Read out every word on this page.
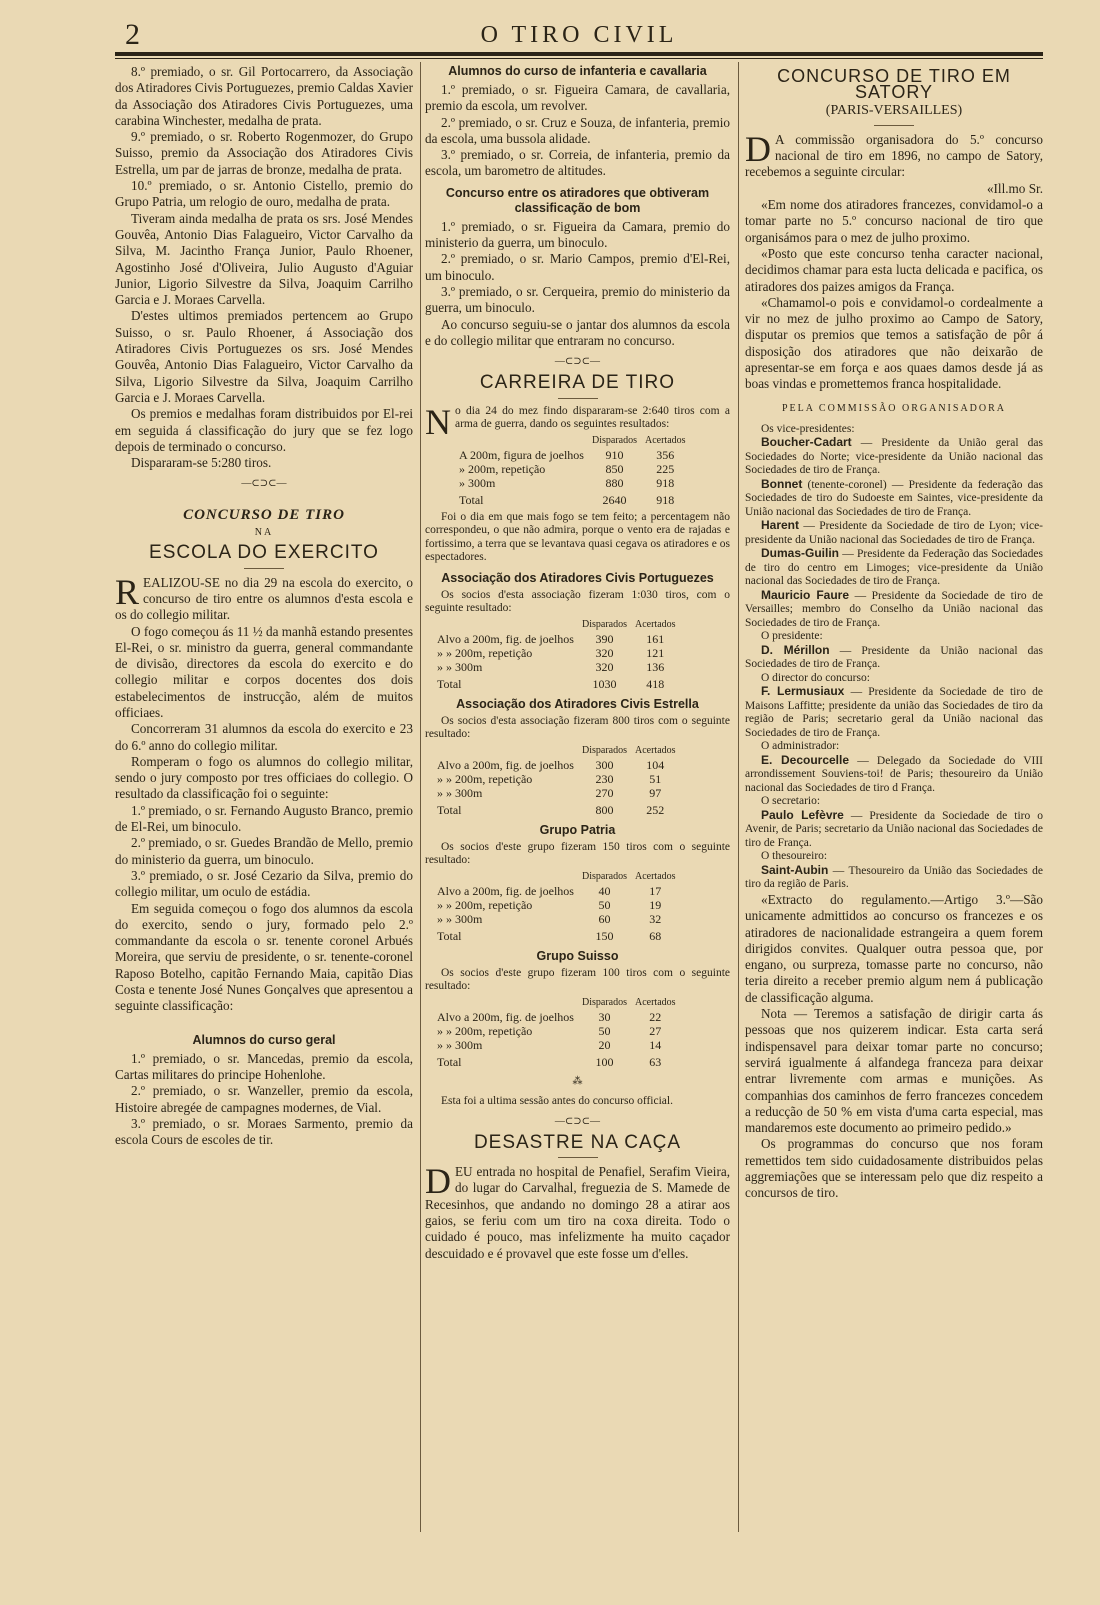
2	O TIRO CIVIL

8.º premiado, o sr. Gil Portocarrero, da Associação dos Atiradores Civis Portuguezes, premio Caldas Xavier da Associação dos Atiradores Civis Portuguezes, uma carabina Winchester, medalha de prata.

9.º premiado, o sr. Roberto Rogenmozer, do Grupo Suisso, premio da Associação dos Atiradores Civis Estrella, um par de jarras de bronze, medalha de prata.

10.º premiado, o sr. Antonio Cistello, premio do Grupo Patria, um relogio de ouro, medalha de prata.

Tiveram ainda medalha de prata os srs. José Mendes Gouvêa, Antonio Dias Falagueiro, Victor Carvalho da Silva, M. Jacintho França Junior, Paulo Rhoener, Agostinho José d'Oliveira, Julio Augusto d'Aguiar Junior, Ligorio Silvestre da Silva, Joaquim Carrilho Garcia e J. Moraes Carvella.

D'estes ultimos premiados pertencem ao Grupo Suisso, o sr. Paulo Rhoener, á Associação dos Atiradores Civis Portuguezes os srs. José Mendes Gouvêa, Antonio Dias Falagueiro, Victor Carvalho da Silva, Ligorio Silvestre da Silva, Joaquim Carrilho Garcia e J. Moraes Carvella.

Os premios e medalhas foram distribuidos por El-rei em seguida á classificação do jury que se fez logo depois de terminado o concurso.

Dispararam-se 5:280 tiros.

—⊂⊃⊂—
CONCURSO DE TIRO
NA
ESCOLA DO EXERCITO

REALIZOU-SE no dia 29 na escola do exercito, o concurso de tiro entre os alumnos d'esta escola e os do collegio militar.

O fogo começou ás 11 ½ da manhã estando presentes El-Rei, o sr. ministro da guerra, general commandante de divisão, directores da escola do exercito e do collegio militar e corpos docentes dos dois estabelecimentos de instrucção, além de muitos officiaes.

Concorreram 31 alumnos da escola do exercito e 23 do 6.º anno do collegio militar.

Romperam o fogo os alumnos do collegio militar, sendo o jury composto por tres officiaes do collegio. O resultado da classificação foi o seguinte:

1.º premiado, o sr. Fernando Augusto Branco, premio de El-Rei, um binoculo.

2.º premiado, o sr. Guedes Brandão de Mello, premio do ministerio da guerra, um binoculo.

3.º premiado, o sr. José Cezario da Silva, premio do collegio militar, um oculo de estádia.

Em seguida começou o fogo dos alumnos da escola do exercito, sendo o jury, formado pelo 2.º commandante da escola o sr. tenente coronel Arbués Moreira, que serviu de presidente, o sr. tenente-coronel Raposo Botelho, capitão Fernando Maia, capitão Dias Costa e tenente José Nunes Gonçalves que apresentou a seguinte classificação:

Alumnos do curso geral

1.º premiado, o sr. Mancedas, premio da escola, Cartas militares do principe Hohenlohe.

2.º premiado, o sr. Wanzeller, premio da escola, Histoire abregée de campagnes modernes, de Vial.

3.º premiado, o sr. Moraes Sarmento, premio da escola Cours de escoles de tir.

Alumnos do curso de infanteria e cavallaria

1.º premiado, o sr. Figueira Camara, de cavallaria, premio da escola, um revolver.

2.º premiado, o sr. Cruz e Souza, de infanteria, premio da escola, uma bussola alidade.

3.º premiado, o sr. Correia, de infanteria, premio da escola, um barometro de altitudes.

Concurso entre os atiradores que obtiveram classificação de bom

1.º premiado, o sr. Figueira da Camara, premio do ministerio da guerra, um binoculo.

2.º premiado, o sr. Mario Campos, premio d'El-Rei, um binoculo.

3.º premiado, o sr. Cerqueira, premio do ministerio da guerra, um binoculo.

Ao concurso seguiu-se o jantar dos alumnos da escola e do collegio militar que entraram no concurso.

—⊂⊃⊂—
CARREIRA DE TIRO

No dia 24 do mez findo dispararam-se 2:640 tiros com a arma de guerra, dando os seguintes resultados:

	Disparados	Acertados
A 200m, figura de joelhos	910	356
» 200m, repetição	850	225
» 300m	880	918
Total	2640	918

Foi o dia em que mais fogo se tem feito; a percentagem não correspondeu, o que não admira, porque o vento era de rajadas e fortissimo, a terra que se levantava quasi cegava os atiradores e os espectadores.

Associação dos Atiradores Civis Portuguezes

Os socios d'esta associação fizeram 1:030 tiros, com o seguinte resultado:

	Disparados	Acertados
Alvo a 200m, fig. de joelhos	390	161
» » 200m, repetição	320	121
» » 300m	320	136
Total	1030	418
Associação dos Atiradores Civis Estrella

Os socios d'esta associação fizeram 800 tiros com o seguinte resultado:

	Disparados	Acertados
Alvo a 200m, fig. de joelhos	300	104
» » 200m, repetição	230	51
» » 300m	270	97
Total	800	252
Grupo Patria

Os socios d'este grupo fizeram 150 tiros com o seguinte resultado:

	Disparados	Acertados
Alvo a 200m, fig. de joelhos	40	17
» » 200m, repetição	50	19
» » 300m	60	32
Total	150	68
Grupo Suisso

Os socios d'este grupo fizeram 100 tiros com o seguinte resultado:

	Disparados	Acertados
Alvo a 200m, fig. de joelhos	30	22
» » 200m, repetição	50	27
» » 300m	20	14
Total	100	63
⁂

Esta foi a ultima sessão antes do concurso official.

—⊂⊃⊂—
DESASTRE NA CAÇA

DEU entrada no hospital de Penafiel, Serafim Vieira, do lugar do Carvalhal, freguezia de S. Mamede de Recesinhos, que andando no domingo 28 a atirar aos gaios, se feriu com um tiro na coxa direita. Todo o cuidado é pouco, mas infelizmente ha muito caçador descuidado e é provavel que este fosse um d'elles.

CONCURSO DE TIRO EM SATORY
(PARIS-VERSAILLES)

D A commissão organisadora do 5.º concurso nacional de tiro em 1896, no campo de Satory, recebemos a seguinte circular:

«Ill.mo Sr.

«Em nome dos atiradores francezes, convidamol-o a tomar parte no 5.º concurso nacional de tiro que organisámos para o mez de julho proximo.

«Posto que este concurso tenha caracter nacional, decidimos chamar para esta lucta delicada e pacifica, os atiradores dos paizes amigos da França.

«Chamamol-o pois e convidamol-o cordealmente a vir no mez de julho proximo ao Campo de Satory, disputar os premios que temos a satisfação de pôr á disposição dos atiradores que não deixarão de apresentar-se em força e aos quaes damos desde já as boas vindas e promettemos franca hospitalidade.

PELA COMMISSÃO ORGANISADORA

Os vice-presidentes:

Boucher-Cadart — Presidente da União geral das Sociedades do Norte; vice-presidente da União nacional das Sociedades de tiro de França.

Bonnet (tenente-coronel) — Presidente da federação das Sociedades de tiro do Sudoeste em Saintes, vice-presidente da União nacional das Sociedades de tiro de França.

Harent — Presidente da Sociedade de tiro de Lyon; vice-presidente da União nacional das Sociedades de tiro de França.

Dumas-Guilin — Presidente da Federação das Sociedades de tiro do centro em Limoges; vice-presidente da União nacional das Sociedades de tiro de França.

Mauricio Faure — Presidente da Sociedade de tiro de Versailles; membro do Conselho da União nacional das Sociedades de tiro de França.

O presidente:

D. Mérillon — Presidente da União nacional das Sociedades de tiro de França.

O director do concurso:

F. Lermusiaux — Presidente da Sociedade de tiro de Maisons Laffitte; presidente da união das Sociedades de tiro da região de Paris; secretario geral da União nacional das Sociedades de tiro de França.

O administrador:

E. Decourcelle — Delegado da Sociedade do VIII arrondissement Souviens-toi! de Paris; thesoureiro da União nacional das Sociedades de tiro d França.

O secretario:

Paulo Lefèvre — Presidente da Sociedade de tiro o Avenir, de Paris; secretario da União nacional das Sociedades de tiro de França.

O thesoureiro:

Saint-Aubin — Thesoureiro da União das Sociedades de tiro da região de Paris.

«Extracto do regulamento.—Artigo 3.º—São unicamente admittidos ao concurso os francezes e os atiradores de nacionalidade estrangeira a quem forem dirigidos convites. Qualquer outra pessoa que, por engano, ou surpreza, tomasse parte no concurso, não teria direito a receber premio algum nem á publicação de classificação alguma.

Nota — Teremos a satisfação de dirigir carta ás pessoas que nos quizerem indicar. Esta carta será indispensavel para deixar tomar parte no concurso; servirá igualmente á alfandega franceza para deixar entrar livremente com armas e munições. As companhias dos caminhos de ferro francezes concedem a reducção de 50 % em vista d'uma carta especial, mas mandaremos este documento ao primeiro pedido.»

Os programmas do concurso que nos foram remettidos tem sido cuidadosamente distribuidos pelas aggremiações que se interessam pelo que diz respeito a concursos de tiro.
